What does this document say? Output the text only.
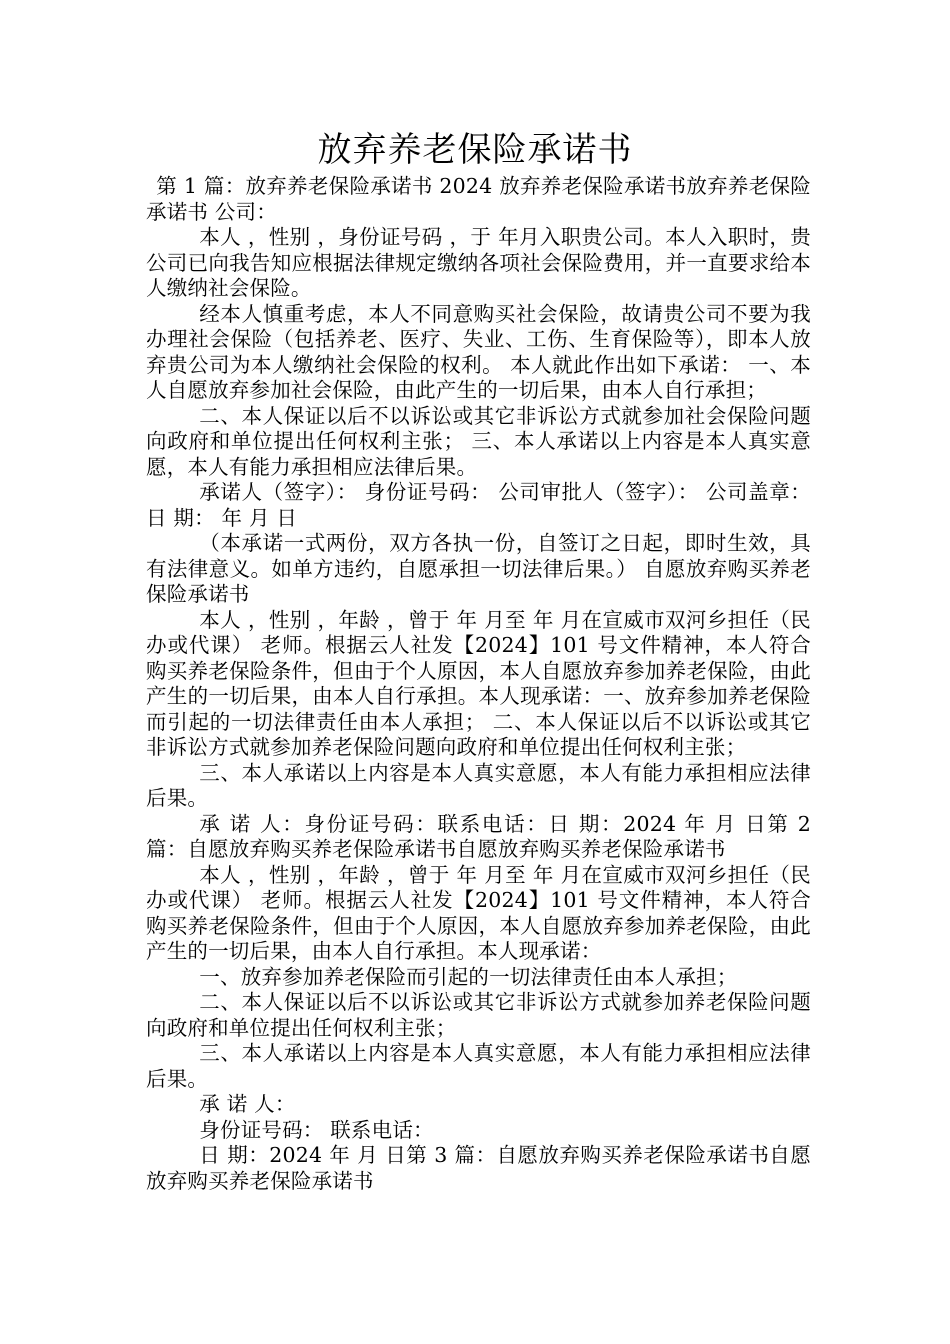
放弃养老保险承诺书

第 1 篇：放弃养老保险承诺书 2024 放弃养老保险承诺书放弃养老保险承诺书 公司：

本人 ，性别 ，身份证号码 ，于 年月入职贵公司。本人入职时，贵公司已向我告知应根据法律规定缴纳各项社会保险费用，并一直要求给本人缴纳社会保险。

经本人慎重考虑，本人不同意购买社会保险，故请贵公司不要为我办理社会保险（包括养老、医疗、失业、工伤、生育保险等），即本人放弃贵公司为本人缴纳社会保险的权利。 本人就此作出如下承诺： 一、本人自愿放弃参加社会保险，由此产生的一切后果，由本人自行承担；

二、本人保证以后不以诉讼或其它非诉讼方式就参加社会保险问题向政府和单位提出任何权利主张； 三、本人承诺以上内容是本人真实意愿，本人有能力承担相应法律后果。

承诺人（签字）： 身份证号码： 公司审批人（签字）： 公司盖章： 日 期： 年 月 日

（本承诺一式两份，双方各执一份，自签订之日起，即时生效，具有法律意义。如单方违约，自愿承担一切法律后果。） 自愿放弃购买养老保险承诺书

本人 ，性别 ，年龄 ，曾于 年 月至 年 月在宣威市双河乡担任（民办或代课） 老师。根据云人社发【2024】101 号文件精神，本人符合购买养老保险条件，但由于个人原因，本人自愿放弃参加养老保险，由此产生的一切后果，由本人自行承担。本人现承诺：一、放弃参加养老保险而引起的一切法律责任由本人承担； 二、本人保证以后不以诉讼或其它非诉讼方式就参加养老保险问题向政府和单位提出任何权利主张；

三、本人承诺以上内容是本人真实意愿，本人有能力承担相应法律后果。

承 诺 人：身份证号码：联系电话：日 期：2024 年 月 日第 2 篇：自愿放弃购买养老保险承诺书自愿放弃购买养老保险承诺书

本人 ，性别 ，年龄 ，曾于 年 月至 年 月在宣威市双河乡担任（民办或代课） 老师。根据云人社发【2024】101 号文件精神，本人符合购买养老保险条件，但由于个人原因，本人自愿放弃参加养老保险，由此产生的一切后果，由本人自行承担。本人现承诺：

一、放弃参加养老保险而引起的一切法律责任由本人承担；

二、本人保证以后不以诉讼或其它非诉讼方式就参加养老保险问题向政府和单位提出任何权利主张；

三、本人承诺以上内容是本人真实意愿，本人有能力承担相应法律后果。

承 诺 人：

身份证号码： 联系电话：

日 期：2024 年 月 日第 3 篇：自愿放弃购买养老保险承诺书自愿放弃购买养老保险承诺书
